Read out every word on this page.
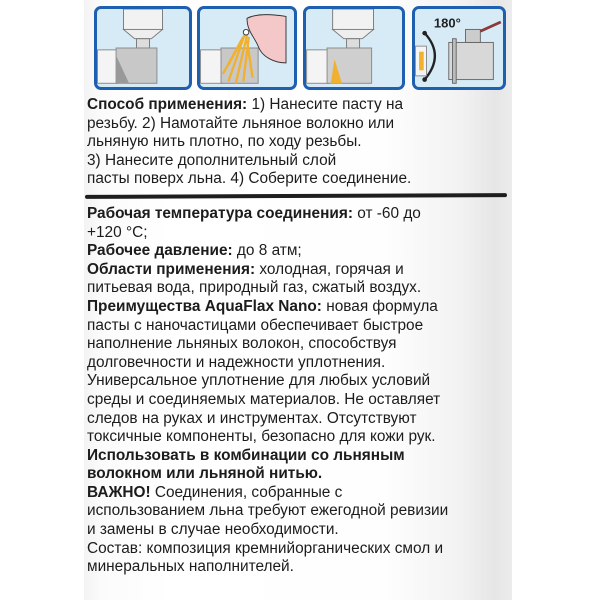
180°

Способ применения: 1) Нанесите пасту на

резьбу. 2) Намотайте льняное волокно или

льняную нить плотно, по ходу резьбы.

3) Нанесите дополнительный слой

пасты поверх льна. 4) Соберите соединение.

Рабочая температура соединения: от -60 до

+120 °С;

Рабочее давление: до 8 атм;

Области применения: холодная, горячая и

питьевая вода, природный газ, сжатый воздух.

Преимущества AquaFlax Nano: новая формула

пасты с наночастицами обеспечивает быстрое

наполнение льняных волокон, способствуя

долговечности и надежности уплотнения.

Универсальное уплотнение для любых условий

среды и соединяемых материалов. Не оставляет

следов на руках и инструментах. Отсутствуют

токсичные компоненты, безопасно для кожи рук.

Использовать в комбинации со льняным

волокном или льняной нитью.

ВАЖНО! Соединения, собранные с

использованием льна требуют ежегодной ревизии

и замены в случае необходимости.

Состав: композиция кремнийорганических смол и

минеральных наполнителей.
